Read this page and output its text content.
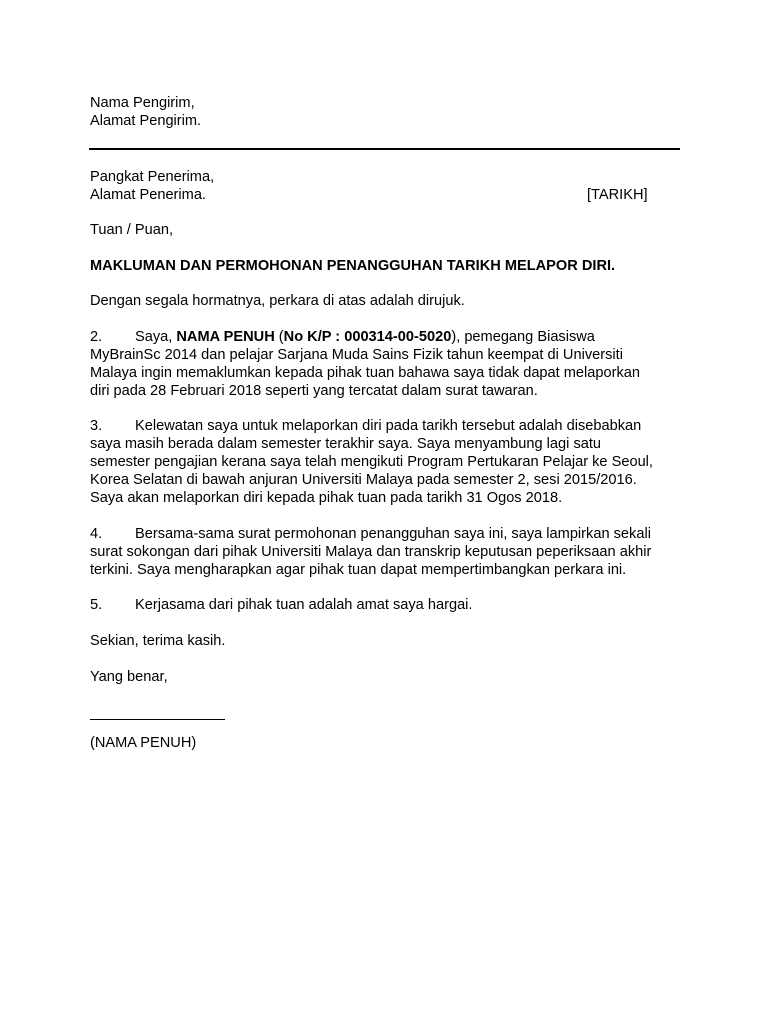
Nama Pengirim,
Alamat Pengirim.
Pangkat Penerima,
Alamat Penerima.	[TARIKH]
Tuan / Puan,
MAKLUMAN DAN PERMOHONAN PENANGGUHAN TARIKH MELAPOR DIRI.
Dengan segala hormatnya, perkara di atas adalah dirujuk.
2. Saya, NAMA PENUH (No K/P : 000314-00-5020), pemegang Biasiswa
MyBrainSc 2014 dan pelajar Sarjana Muda Sains Fizik tahun keempat di Universiti
Malaya ingin memaklumkan kepada pihak tuan bahawa saya tidak dapat melaporkan
diri pada 28 Februari 2018 seperti yang tercatat dalam surat tawaran.
3. Kelewatan saya untuk melaporkan diri pada tarikh tersebut adalah disebabkan
saya masih berada dalam semester terakhir saya. Saya menyambung lagi satu
semester pengajian kerana saya telah mengikuti Program Pertukaran Pelajar ke Seoul,
Korea Selatan di bawah anjuran Universiti Malaya pada semester 2, sesi 2015/2016.
Saya akan melaporkan diri kepada pihak tuan pada tarikh 31 Ogos 2018.
4. Bersama-sama surat permohonan penangguhan saya ini, saya lampirkan sekali
surat sokongan dari pihak Universiti Malaya dan transkrip keputusan peperiksaan akhir
terkini. Saya mengharapkan agar pihak tuan dapat mempertimbangkan perkara ini.
5. Kerjasama dari pihak tuan adalah amat saya hargai.
Sekian, terima kasih.
Yang benar,
(NAMA PENUH)
